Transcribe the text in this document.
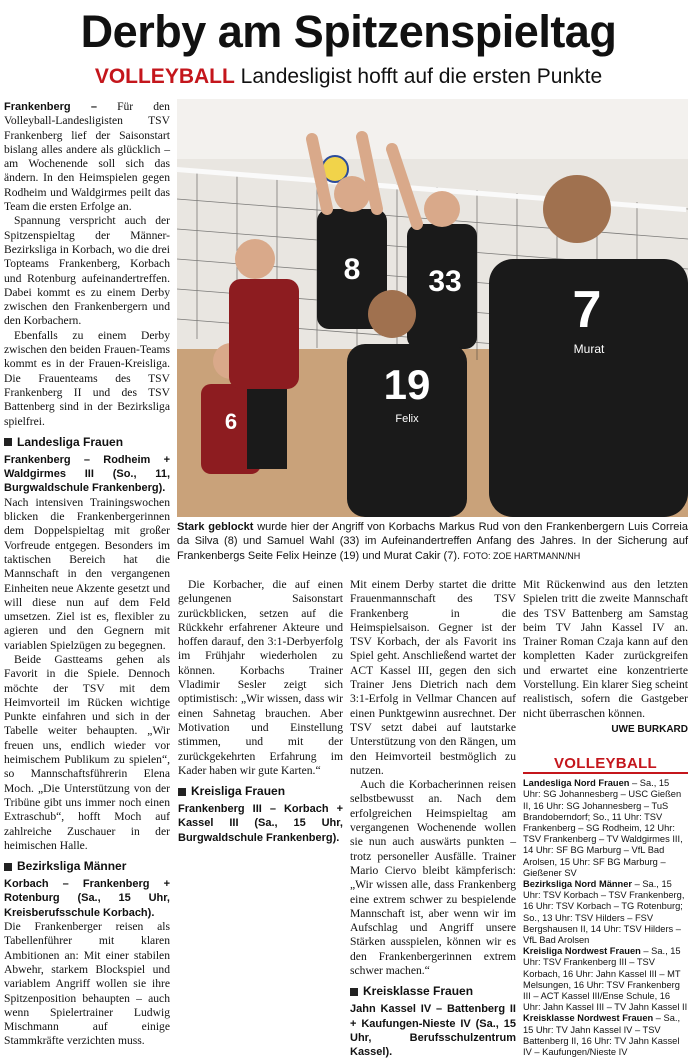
Derby am Spitzenspieltag
VOLLEYBALL Landesligist hofft auf die ersten Punkte

Frankenberg – Für den Volleyball-Landesligisten TSV Frankenberg lief der Saisonstart bislang alles andere als glücklich – am Wochenende soll sich das ändern. In den Heimspielen gegen Rodheim und Waldgirmes peilt das Team die ersten Erfolge an.

Spannung verspricht auch der Spitzenspieltag der Männer-Bezirksliga in Korbach, wo die drei Topteams Frankenberg, Korbach und Rotenburg aufeinandertreffen. Dabei kommt es zu einem Derby zwischen den Frankenbergern und den Korbachern.

Ebenfalls zu einem Derby zwischen den beiden Frauen-Teams kommt es in der Frauen-Kreisliga. Die Frauenteams des TSV Frankenberg II und des TSV Battenberg sind in der Bezirksliga spielfrei.

Landesliga Frauen

Frankenberg – Rodheim + Waldgirmes III (So., 11, Burgwaldschule Frankenberg).

Nach intensiven Trainingswochen blicken die Frankenbergerinnen dem Doppelspieltag mit großer Vorfreude entgegen. Besonders im taktischen Bereich hat die Mannschaft in den vergangenen Einheiten neue Akzente gesetzt und will diese nun auf dem Feld umsetzen. Ziel ist es, flexibler zu agieren und den Gegnern mit variablen Spielzügen zu begegnen.

Beide Gastteams gehen als Favorit in die Spiele. Dennoch möchte der TSV mit dem Heimvorteil im Rücken wichtige Punkte einfahren und sich in der Tabelle weiter behaupten. „Wir freuen uns, endlich wieder vor heimischem Publikum zu spielen“, so Mannschaftsführerin Elena Moch. „Die Unterstützung von der Tribüne gibt uns immer noch einen Extraschub“, hofft Moch auf zahlreiche Zuschauer in der heimischen Halle.

Bezirksliga Männer

Korbach – Frankenberg + Rotenburg (Sa., 15 Uhr, Kreisberufsschule Korbach).

Die Frankenberger reisen als Tabellenführer mit klaren Ambitionen an: Mit einer stabilen Abwehr, starkem Blockspiel und variablem Angriff wollen sie ihre Spitzenposition behaupten – auch wenn Spielertrainer Ludwig Mischmann auf einige Stammkräfte verzichten muss.

6
8 33
19
Felix
7
Murat
Stark geblockt wurde hier der Angriff von Korbachs Markus Rud von den Frankenbergern Luis Correia da Silva (8) und Samuel Wahl (33) im Aufeinandertreffen Anfang des Jahres. In der Sicherung auf Frankenbergs Seite Felix Heinze (19) und Murat Cakir (7). FOTO: ZOE HARTMANN/NH

Die Korbacher, die auf einen gelungenen Saisonstart zurückblicken, setzen auf die Rückkehr erfahrener Akteure und hoffen darauf, den 3:1-Derbyerfolg im Frühjahr wiederholen zu können. Korbachs Trainer Vladimir Sesler zeigt sich optimistisch: „Wir wissen, dass wir einen Sahnetag brauchen. Aber Motivation und Einstellung stimmen, und mit der zurückgekehrten Erfahrung im Kader haben wir gute Karten.“

Kreisliga Frauen

Frankenberg III – Korbach + Kassel III (Sa., 15 Uhr, Burgwaldschule Frankenberg).

Mit einem Derby startet die dritte Frauenmannschaft des TSV Frankenberg in die Heimspielsaison. Gegner ist der TSV Korbach, der als Favorit ins Spiel geht. Anschließend wartet der ACT Kassel III, gegen den sich Trainer Jens Dietrich nach dem 3:1-Erfolg in Vellmar Chancen auf einen Punktgewinn ausrechnet. Der TSV setzt dabei auf lautstarke Unterstützung von den Rängen, um den Heimvorteil bestmöglich zu nutzen.

Auch die Korbacherinnen reisen selbstbewusst an. Nach dem erfolgreichen Heimspieltag am vergangenen Wochenende wollen sie nun auch auswärts punkten – trotz personeller Ausfälle. Trainer Mario Ciervo bleibt kämpferisch: „Wir wissen alle, dass Frankenberg eine extrem schwer zu bespielende Mannschaft ist, aber wenn wir im Aufschlag und Angriff unsere Stärken ausspielen, können wir es den Frankenbergerinnen extrem schwer machen.“

Kreisklasse Frauen

Jahn Kassel IV – Battenberg II + Kaufungen-Nieste IV (Sa., 15 Uhr, Berufsschulzentrum Kassel).

Mit Rückenwind aus den letzten Spielen tritt die zweite Mannschaft des TSV Battenberg am Samstag beim TV Jahn Kassel IV an. Trainer Roman Czaja kann auf den kompletten Kader zurückgreifen und erwartet eine konzentrierte Vorstellung. Ein klarer Sieg scheint realistisch, sofern die Gastgeber nicht überraschen können.

UWE BURKARD
VOLLEYBALL
Landesliga Nord Frauen – Sa., 15 Uhr: SG Johannesberg – USC Gießen II, 16 Uhr: SG Johannesberg – TuS Brandoberndorf; So., 11 Uhr: TSV Frankenberg – SG Rodheim, 12 Uhr: TSV Frankenberg – TV Waldgirmes III, 14 Uhr: SF BG Marburg – VfL Bad Arolsen, 15 Uhr: SF BG Marburg – Gießener SV
Bezirksliga Nord Männer – Sa., 15 Uhr: TSV Korbach – TSV Frankenberg, 16 Uhr: TSV Korbach – TG Rotenburg; So., 13 Uhr: TSV Hilders – FSV Bergshausen II, 14 Uhr: TSV Hilders – VfL Bad Arolsen
Kreisliga Nordwest Frauen – Sa., 15 Uhr: TSV Frankenberg III – TSV Korbach, 16 Uhr: Jahn Kassel III – MT Melsungen, 16 Uhr: TSV Frankenberg III – ACT Kassel III/Ense Schule, 16 Uhr: Jahn Kassel III – TV Jahn Kassel II
Kreisklasse Nordwest Frauen – Sa., 15 Uhr: TV Jahn Kassel IV – TSV Battenberg II, 16 Uhr: TV Jahn Kassel IV – Kaufungen/Nieste IV
